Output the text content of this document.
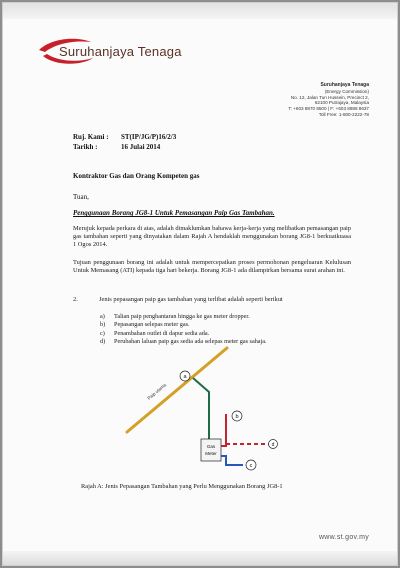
Suruhanjaya Tenaga
Suruhanjaya Tenaga
(Energy Commission)
No. 12, Jalan Tun Hussein, Precinct 2,
62100 Putrajaya, Malaysia
T: +603 8870 8500 | F: +603 8888 8637
Toll Free: 1-800-2222-78
Ruj. Kami : ST(IP/JG/P)16/2/3
Tarikh :	16 Julai 2014
Kontraktor Gas dan Orang Kompeten gas
Tuan,
Penggunaan Borang JG8-1 Untuk Pemasangan Paip Gas Tambahan.
Merujuk kepada perkara di atas, adalah dimaklumkan bahawa kerja-kerja yang melibatkan pemasangan paip gas tambahan seperti yang dinyatakan dalam Rajah A hendaklah menggunakan borang JG8-1 berkuatkuasa 1 Ogos 2014.
Tujuan penggunaan borang ini adalah untuk mempercepatkan proses permohonan pengeluaran Kelulusan Untuk Memasang (ATI) kepada tiga hari bekerja. Borang JG8-1 ada dilampirkan bersama surat arahan ini.
2.	Jenis pepasangan paip gas tambahan yang terlibat adalah seperti berikut
a) Talian paip penghantaran hingga ke gas meter dropper.
b) Pepasangan selepas meter gas.
c) Penambahan outlet di dapur sedia ada.
d) Perubahan laluan paip gas sedia ada selepas meter gas sahaja.
Paip utama
a
Gas
Meter
b
d
c
Rajah A: Jenis Pepasangan Tambahan yang Perlu Menggunakan Borang JG8-1
www.st.gov.my
